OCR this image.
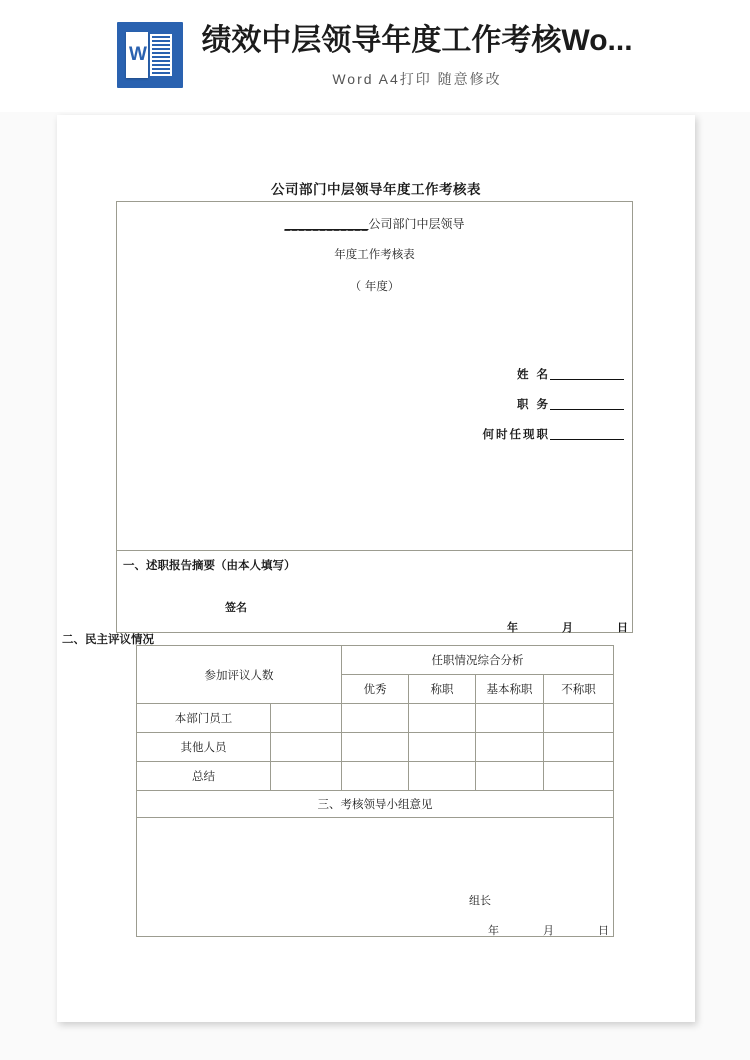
W 绩效中层领导年度工作考核Wo...
Word A4打印 随意修改
公司部门中层领导年度工作考核表
____________公司部门中层领导
年度工作考核表
（ 年度）
姓 名
职 务
何时任现职
一、述职报告摘要（由本人填写）
签名
年	月	日
二、民主评议情况
参加评议人数		任职情况综合分析			
		优秀	称职	基本称职	不称职
本部门员工					
其他人员					
总结					
三、考核领导小组意见					

组长
年 月 日					
